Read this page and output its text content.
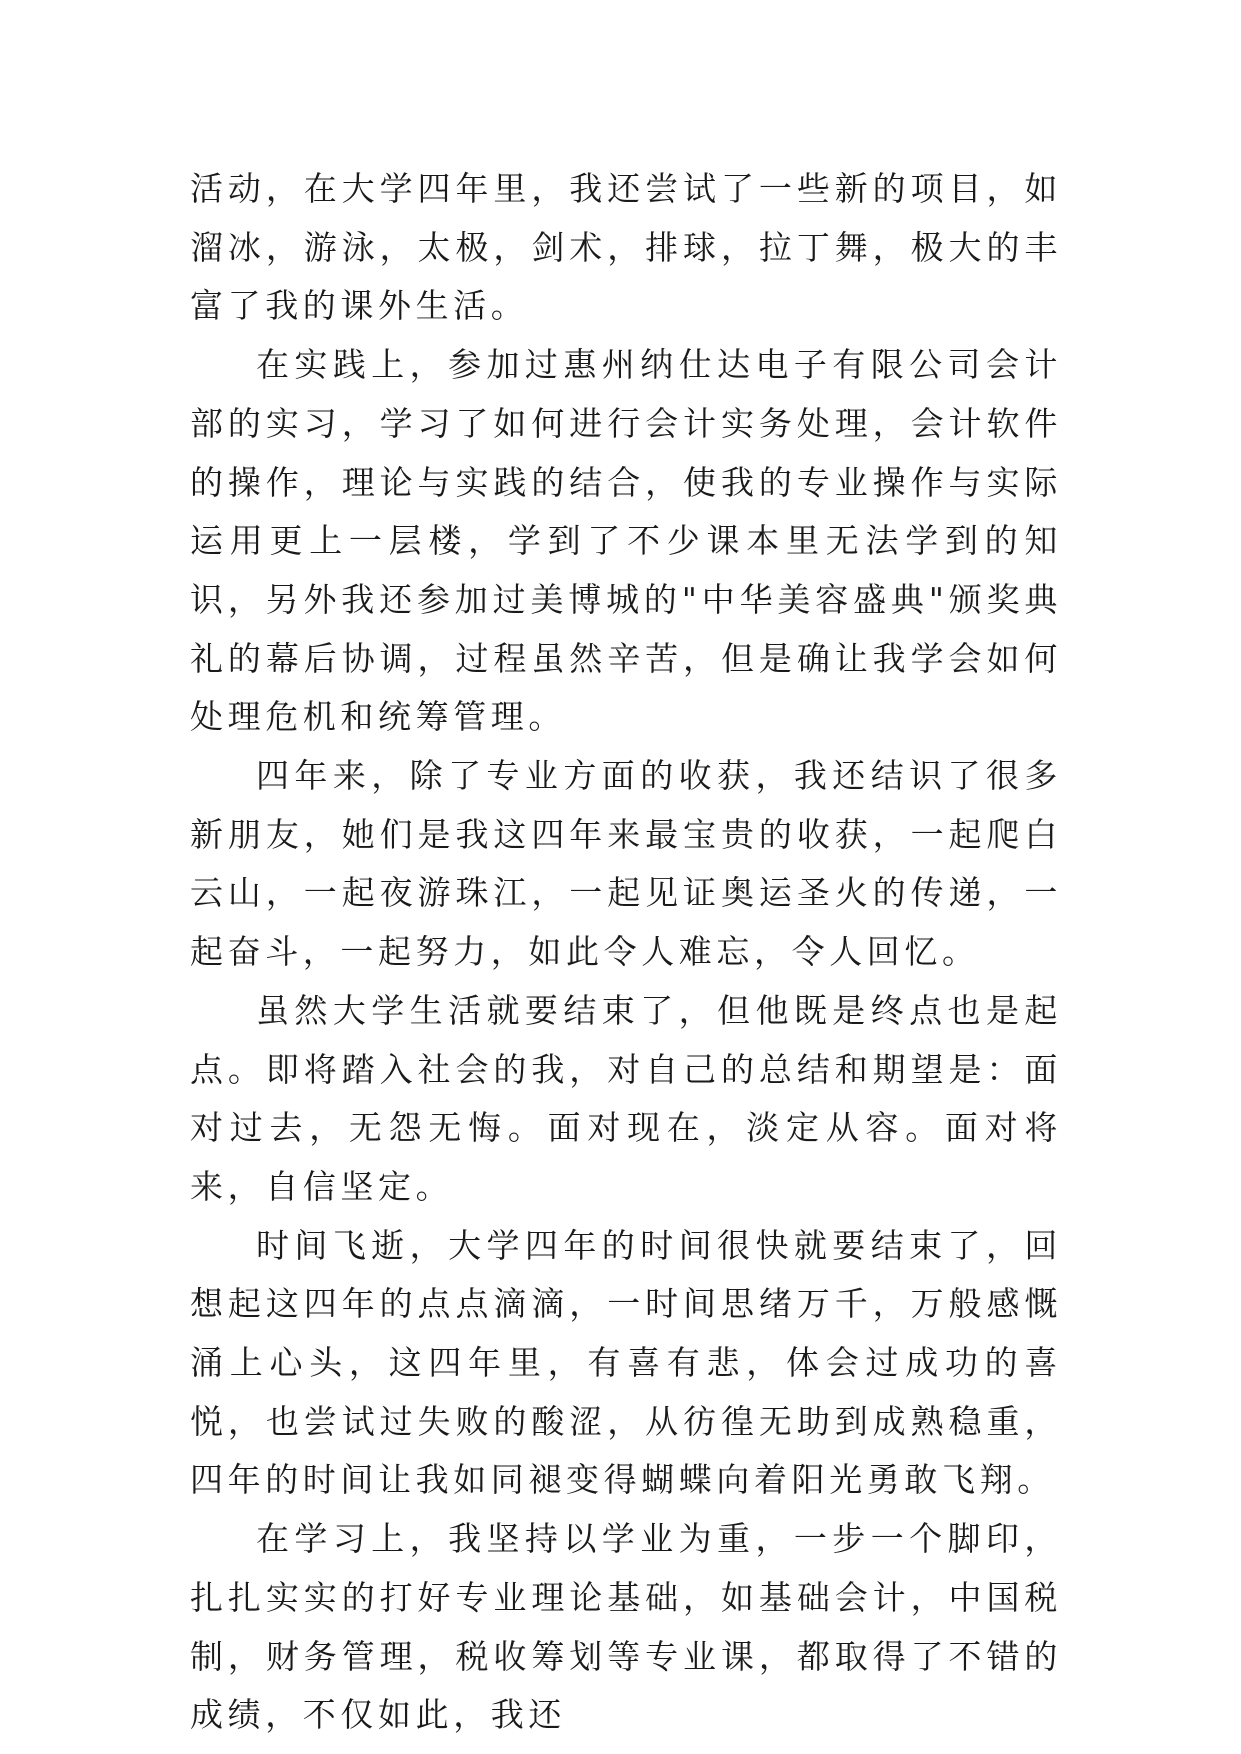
活动，在大学四年里，我还尝试了一些新的项目，如溜冰，游泳，太极，剑术，排球，拉丁舞，极大的丰富了我的课外生活。

在实践上，参加过惠州纳仕达电子有限公司会计部的实习，学习了如何进行会计实务处理，会计软件的操作，理论与实践的结合，使我的专业操作与实际运用更上一层楼，学到了不少课本里无法学到的知识，另外我还参加过美博城的"中华美容盛典"颁奖典礼的幕后协调，过程虽然辛苦，但是确让我学会如何处理危机和统筹管理。

四年来，除了专业方面的收获，我还结识了很多新朋友，她们是我这四年来最宝贵的收获，一起爬白云山，一起夜游珠江，一起见证奥运圣火的传递，一起奋斗，一起努力，如此令人难忘，令人回忆。

虽然大学生活就要结束了，但他既是终点也是起点。即将踏入社会的我，对自己的总结和期望是：面对过去，无怨无悔。面对现在，淡定从容。面对将来，自信坚定。

时间飞逝，大学四年的时间很快就要结束了，回想起这四年的点点滴滴，一时间思绪万千，万般感慨涌上心头，这四年里，有喜有悲，体会过成功的喜悦，也尝试过失败的酸涩，从彷徨无助到成熟稳重，四年的时间让我如同褪变得蝴蝶向着阳光勇敢飞翔。

在学习上，我坚持以学业为重，一步一个脚印，扎扎实实的打好专业理论基础，如基础会计，中国税制，财务管理，税收筹划等专业课，都取得了不错的成绩，不仅如此，我还
